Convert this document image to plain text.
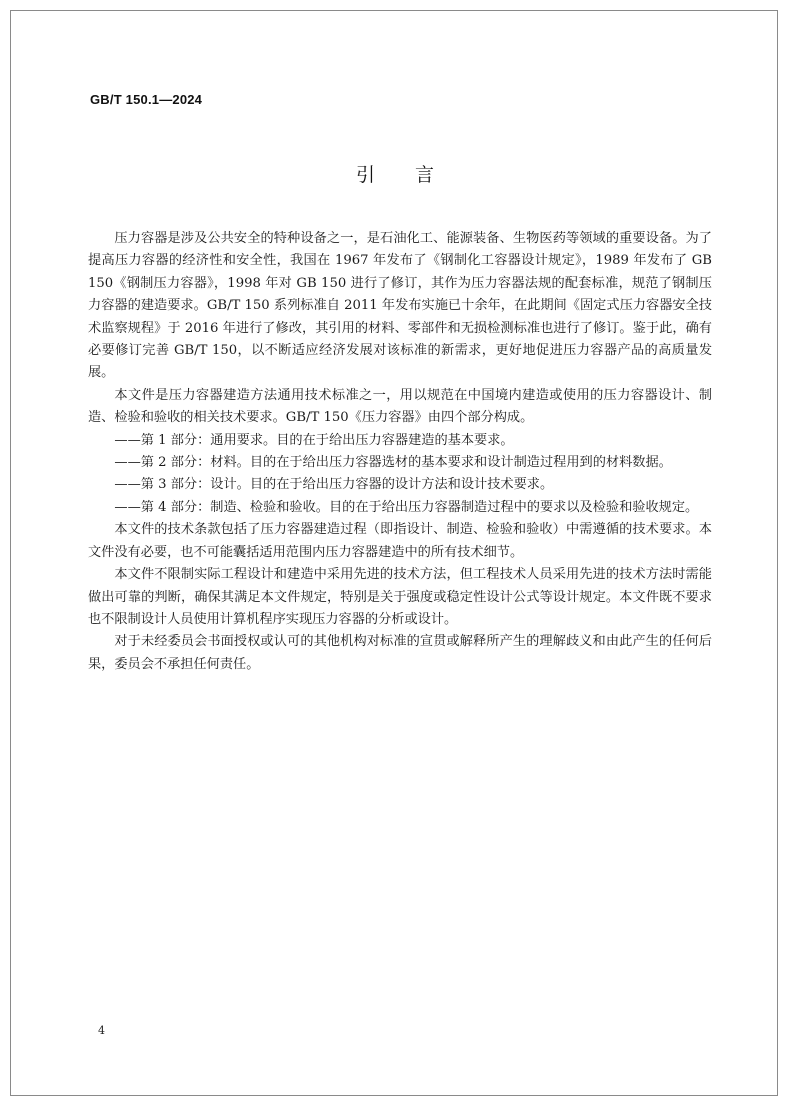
GB/T 150.1—2024
引言

压力容器是涉及公共安全的特种设备之一，是石油化工、能源装备、生物医药等领域的重要设备。为了提高压力容器的经济性和安全性，我国在 1967 年发布了《钢制化工容器设计规定》，1989 年发布了 GB 150《钢制压力容器》，1998 年对 GB 150 进行了修订，其作为压力容器法规的配套标准，规范了钢制压力容器的建造要求。GB/T 150 系列标准自 2011 年发布实施已十余年，在此期间《固定式压力容器安全技术监察规程》于 2016 年进行了修改，其引用的材料、零部件和无损检测标准也进行了修订。鉴于此，确有必要修订完善 GB/T 150，以不断适应经济发展对该标准的新需求，更好地促进压力容器产品的高质量发展。

本文件是压力容器建造方法通用技术标准之一，用以规范在中国境内建造或使用的压力容器设计、制造、检验和验收的相关技术要求。GB/T 150《压力容器》由四个部分构成。

——第 1 部分：通用要求。目的在于给出压力容器建造的基本要求。

——第 2 部分：材料。目的在于给出压力容器选材的基本要求和设计制造过程用到的材料数据。

——第 3 部分：设计。目的在于给出压力容器的设计方法和设计技术要求。

——第 4 部分：制造、检验和验收。目的在于给出压力容器制造过程中的要求以及检验和验收规定。

本文件的技术条款包括了压力容器建造过程（即指设计、制造、检验和验收）中需遵循的技术要求。本文件没有必要，也不可能囊括适用范围内压力容器建造中的所有技术细节。

本文件不限制实际工程设计和建造中采用先进的技术方法，但工程技术人员采用先进的技术方法时需能做出可靠的判断，确保其满足本文件规定，特别是关于强度或稳定性设计公式等设计规定。本文件既不要求也不限制设计人员使用计算机程序实现压力容器的分析或设计。

对于未经委员会书面授权或认可的其他机构对标准的宣贯或解释所产生的理解歧义和由此产生的任何后果，委员会不承担任何责任。

4
